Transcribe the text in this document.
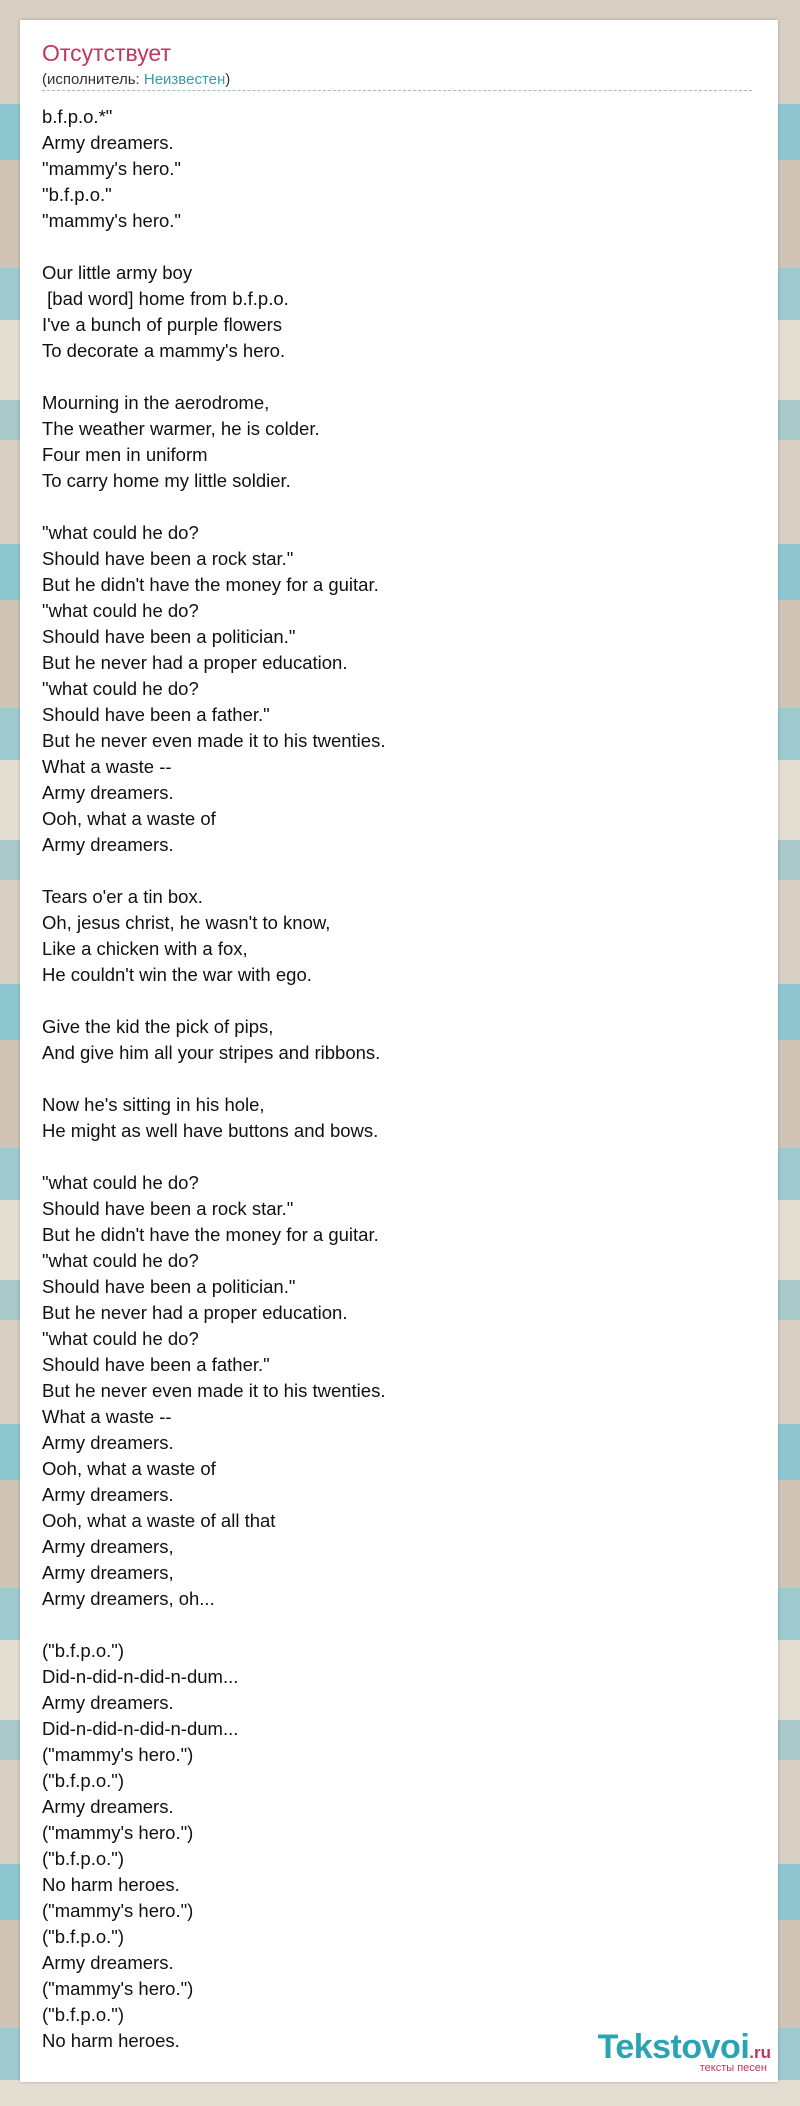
Отсутствует
(исполнитель: Неизвестен)
b.f.p.o.*"
Army dreamers.
"mammy's hero."
"b.f.p.o."
"mammy's hero."
Our little army boy
[bad word] home from b.f.p.o.
I've a bunch of purple flowers
To decorate a mammy's hero.
Mourning in the aerodrome,
The weather warmer, he is colder.
Four men in uniform
To carry home my little soldier.
"what could he do?
Should have been a rock star."
But he didn't have the money for a guitar.
"what could he do?
Should have been a politician."
But he never had a proper education.
"what could he do?
Should have been a father."
But he never even made it to his twenties.
What a waste --
Army dreamers.
Ooh, what a waste of
Army dreamers.
Tears o'er a tin box.
Oh, jesus christ, he wasn't to know,
Like a chicken with a fox,
He couldn't win the war with ego.
Give the kid the pick of pips,
And give him all your stripes and ribbons.
Now he's sitting in his hole,
He might as well have buttons and bows.
"what could he do?
Should have been a rock star."
But he didn't have the money for a guitar.
"what could he do?
Should have been a politician."
But he never had a proper education.
"what could he do?
Should have been a father."
But he never even made it to his twenties.
What a waste --
Army dreamers.
Ooh, what a waste of
Army dreamers.
Ooh, what a waste of all that
Army dreamers,
Army dreamers,
Army dreamers, oh...
("b.f.p.o.")
Did-n-did-n-did-n-dum...
Army dreamers.
Did-n-did-n-did-n-dum...
("mammy's hero.")
("b.f.p.o.")
Army dreamers.
("mammy's hero.")
("b.f.p.o.")
No harm heroes.
("mammy's hero.")
("b.f.p.o.")
Army dreamers.
("mammy's hero.")
("b.f.p.o.")
No harm heroes.	Tekstovoi.ru
тексты песен
